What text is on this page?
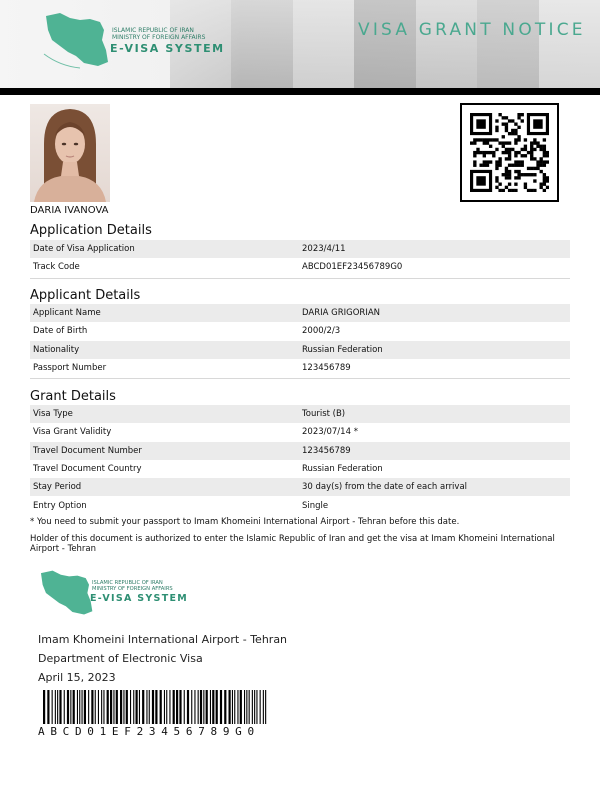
ISLAMIC REPUBLIC OF IRAN
MINISTRY OF FOREIGN AFFAIRS
E-VISA SYSTEM
VISA GRANT NOTICE
DARIA IVANOVA
Application Details
Date of Visa Application	2023/4/11
Track Code	ABCD01EF23456789G0
Applicant Details
Applicant Name	DARIA GRIGORIAN
Date of Birth	2000/2/3
Nationality	Russian Federation
Passport Number	123456789
Grant Details
Visa Type	Tourist (B)
Visa Grant Validity	2023/07/14 *
Travel Document Number	123456789
Travel Document Country	Russian Federation
Stay Period	30 day(s) from the date of each arrival
Entry Option	Single

* You need to submit your passport to Imam Khomeini International Airport - Tehran before this date.

Holder of this document is authorized to enter the Islamic Republic of Iran and get the visa at Imam Khomeini International Airport - Tehran

ISLAMIC REPUBLIC OF IRAN
MINISTRY OF FOREIGN AFFAIRS
E-VISA SYSTEM
Imam Khomeini International Airport - Tehran
Department of Electronic Visa
April 15, 2023
ABCD01EF23456789G0
